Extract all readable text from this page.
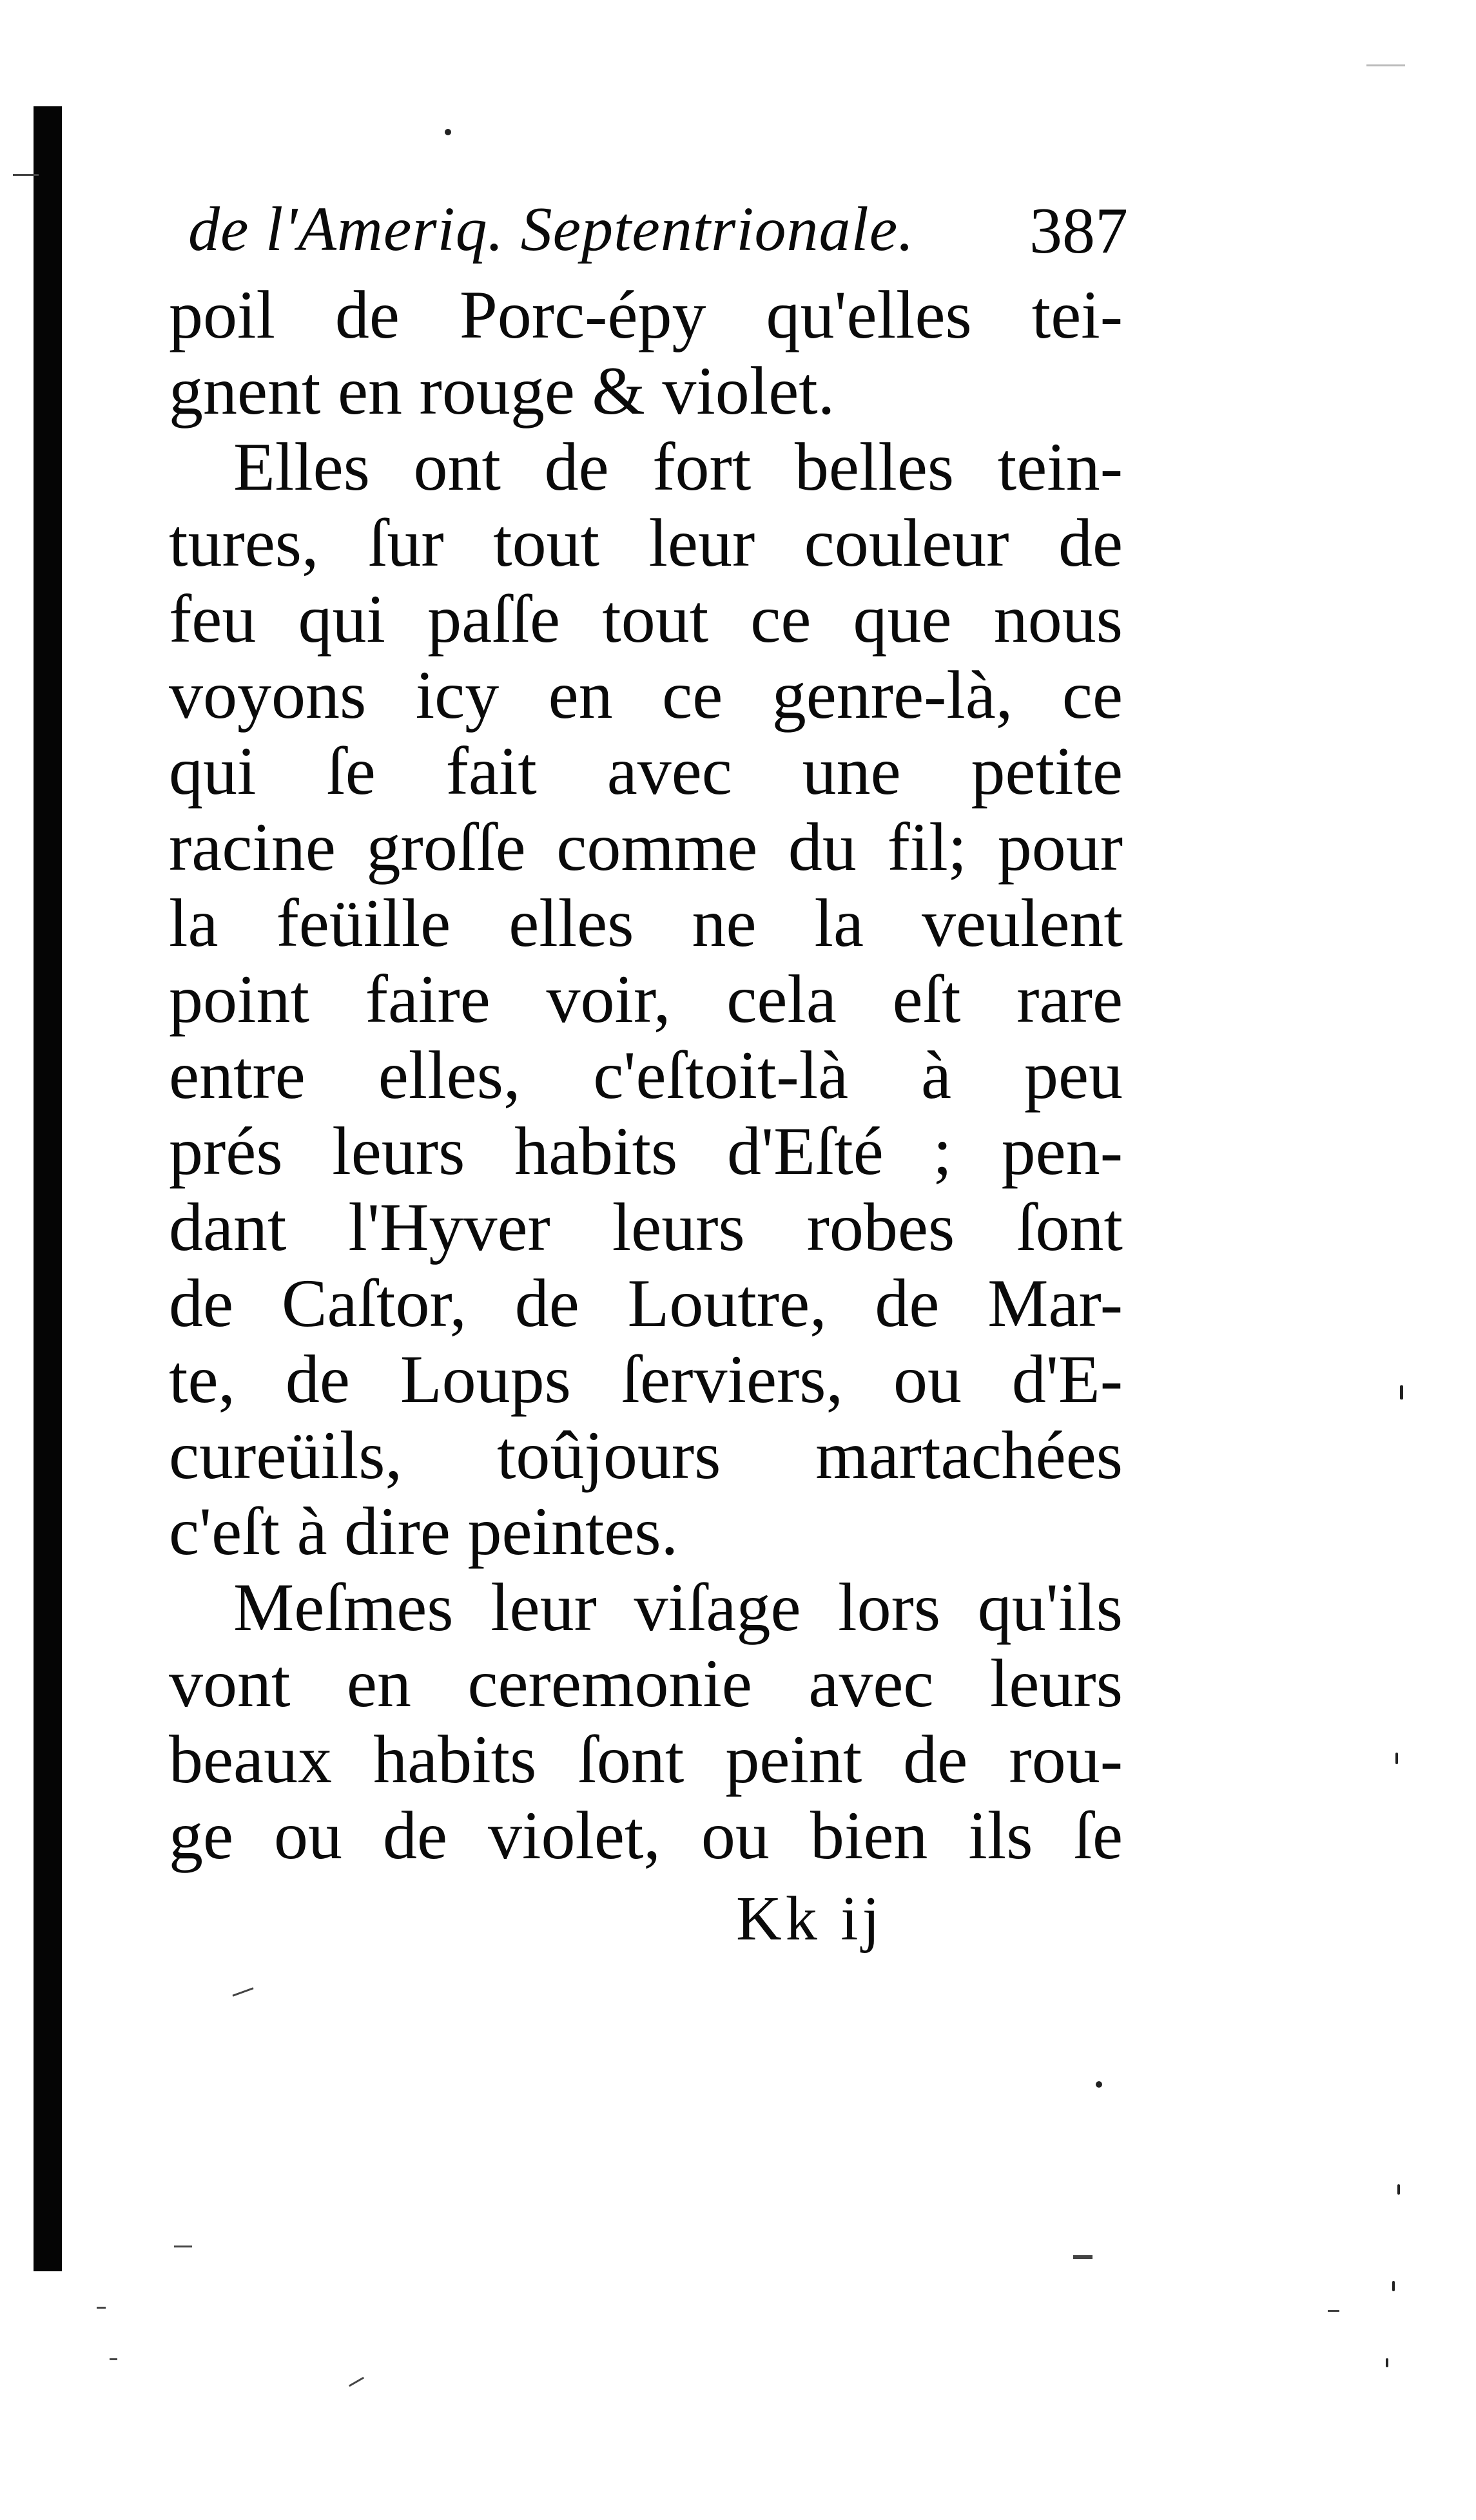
de l'Ameriq. Septentrionale. 387
poil de Porc-épy qu'elles tei-
gnent en rouge & violet.
Elles ont de fort belles tein-
tures, ſur tout leur couleur de
feu qui paſſe tout ce que nous
voyons icy en ce genre-là, ce
qui ſe fait avec une petite
racine groſſe comme du fil; pour
la feüille elles ne la veulent
point faire voir, cela eſt rare
entre elles, c'eſtoit-là à peu
prés leurs habits d'Eſté ; pen-
dant l'Hyver leurs robes ſont
de Caſtor, de Loutre, de Mar-
te, de Loups ſerviers, ou d'E-
cureüils, toûjours martachées
c'eſt à dire peintes.
Meſmes leur viſage lors qu'ils
vont en ceremonie avec leurs
beaux habits ſont peint de rou-
ge ou de violet, ou bien ils ſe
Kk ij
